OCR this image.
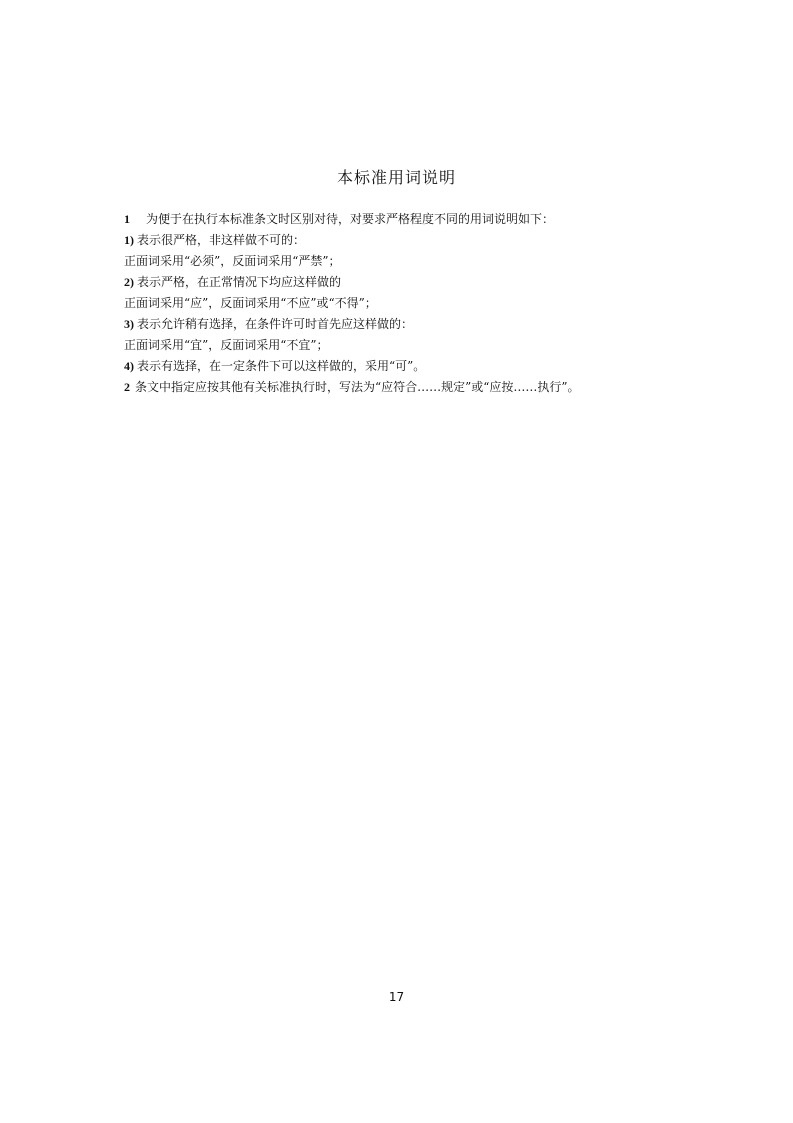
本标准用词说明
1 为便于在执行本标准条文时区别对待，对要求严格程度不同的用词说明如下：
1) 表示很严格，非这样做不可的：
正面词采用“必须”，反面词采用“严禁”；
2) 表示严格，在正常情况下均应这样做的
正面词采用“应”，反面词采用“不应”或“不得”；
3) 表示允许稍有选择，在条件许可时首先应这样做的：
正面词采用“宜”，反面词采用“不宜”；
4) 表示有选择，在一定条件下可以这样做的，采用“可”。
2 条文中指定应按其他有关标准执行时，写法为“应符合……规定”或“应按……执行”。
17
